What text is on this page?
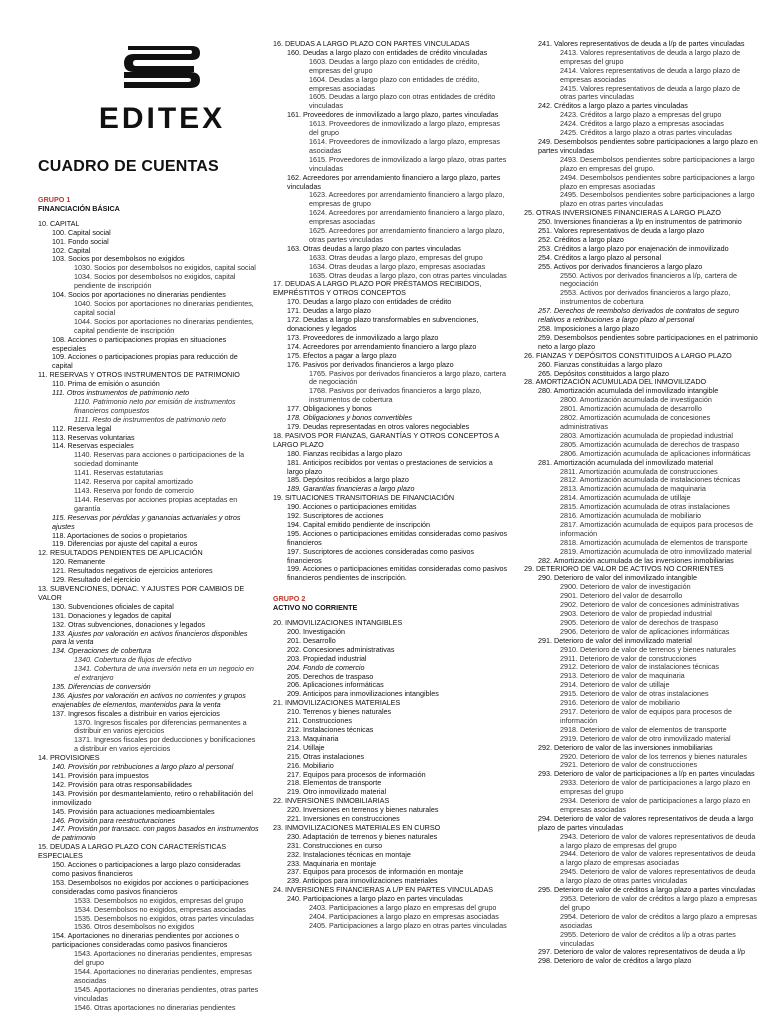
EDITEX
CUADRO DE CUENTAS
GRUPO 1
FINANCIACIÓN BÁSICA
10. CAPITAL
100. Capital social
101. Fondo social
102. Capital
103. Socios por desembolsos no exigidos
1030. Socios por desembolsos no exigidos, capital social
1034. Socios por desembolsos no exigidos, capital pendiente de inscripción
104. Socios por aportaciones no dinerarias pendientes
1040. Socios por aportaciones no dinerarias pendientes, capital social
1044. Socios por aportaciones no dinerarias pendientes, capital pendiente de inscripción
108. Acciones o participaciones propias en situaciones especiales
109. Acciones o participaciones propias para reducción de capital
11. RESERVAS Y OTROS INSTRUMENTOS DE PATRIMONIO
110. Prima de emisión o asunción
111. Otros instrumentos de patrimonio neto
1110. Patrimonio neto por emisión de instrumentos financieros compuestos
1111. Resto de instrumentos de patrimonio neto
112. Reserva legal
113. Reservas voluntarias
114. Reservas especiales
1140. Reservas para acciones o participaciones de la sociedad dominante
1141. Reservas estatutarias
1142. Reserva por capital amortizado
1143. Reserva por fondo de comercio
1144. Reservas por acciones propias aceptadas en garantía
115. Reservas por pérdidas y ganancias actuariales y otros ajustes
118. Aportaciones de socios o propietarios
119. Diferencias por ajuste del capital a euros
12. RESULTADOS PENDIENTES DE APLICACIÓN
120. Remanente
121. Resultados negativos de ejercicios anteriores
129. Resultado del ejercicio
13. SUBVENCIONES, DONAC. Y AJUSTES POR CAMBIOS DE VALOR
130. Subvenciones oficiales de capital
131. Donaciones y legados de capital
132. Otras subvenciones, donaciones y legados
133. Ajustes por valoración en activos financieros disponibles para la venta
134. Operaciones de cobertura
1340. Cobertura de flujos de efectivo
1341. Cobertura de una inversión neta en un negocio en el extranjero
135. Diferencias de conversión
136. Ajustes por valoración en activos no corrientes y grupos enajenables de elementos, mantenidos para la venta
137. Ingresos fiscales a distribuir en varios ejercicios
1370. Ingresos fiscales por diferencias permanentes a distribuir en varios ejercicios
1371. Ingresos fiscales por deducciones y bonificaciones a distribuir en varios ejercicios
14. PROVISIONES
140. Provisión por retribuciones a largo plazo al personal
141. Provisión para impuestos
142. Provisión para otras responsabilidades
143. Provisión por desmantelamiento, retiro o rehabilitación del inmovilizado
145. Provisión para actuaciones medioambientales
146. Provisión para reestructuraciones
147. Provisión por transacc. con pagos basados en instrumentos de patrimonio
15. DEUDAS A LARGO PLAZO CON CARACTERÍSTICAS ESPECIALES
150. Acciones o participaciones a largo plazo consideradas como pasivos financieros
153. Desembolsos no exigidos por acciones o participaciones consideradas como pasivos financieros
1533. Desembolsos no exigidos, empresas del grupo
1534. Desembolsos no exigidos, empresas asociadas
1535. Desembolsos no exigidos, otras partes vinculadas
1536. Otros desembolsos no exigidos
154. Aportaciones no dinerarias pendientes por acciones o participaciones consideradas como pasivos financieros
1543. Aportaciones no dinerarias pendientes, empresas del grupo
1544. Aportaciones no dinerarias pendientes, empresas asociadas
1545. Aportaciones no dinerarias pendientes, otras partes vinculadas
1546. Otras aportaciones no dinerarias pendientes
16. DEUDAS A LARGO PLAZO CON PARTES VINCULADAS
160. Deudas a largo plazo con entidades de crédito vinculadas
1603. Deudas a largo plazo con entidades de crédito, empresas del grupo
1604. Deudas a largo plazo con entidades de crédito, empresas asociadas
1605. Deudas a largo plazo con otras entidades de crédito vinculadas
161. Proveedores de inmovilizado a largo plazo, partes vinculadas
1613. Proveedores de inmovilizado a largo plazo, empresas del grupo
1614. Proveedores de inmovilizado a largo plazo, empresas asociadas
1615. Proveedores de inmovilizado a largo plazo, otras partes vinculadas
162. Acreedores por arrendamiento financiero a largo plazo, partes vinculadas
1623. Acreedores por arrendamiento financiero a largo plazo, empresas de grupo
1624. Acreedores por arrendamiento financiero a largo plazo, empresas asociadas
1625. Acreedores por arrendamiento financiero a largo plazo, otras partes vinculadas
163. Otras deudas a largo plazo con partes vinculadas
1633. Otras deudas a largo plazo, empresas del grupo
1634. Otras deudas a largo plazo, empresas asociadas
1635. Otras deudas a largo plazo, con otras partes vinculadas
17. DEUDAS A LARGO PLAZO POR PRÉSTAMOS RECIBIDOS, EMPRÉSTITOS Y OTROS CONCEPTOS
170. Deudas a largo plazo con entidades de crédito
171. Deudas a largo plazo
172. Deudas a largo plazo transformables en subvenciones, donaciones y legados
173. Proveedores de inmovilizado a largo plazo
174. Acreedores por arrendamiento financiero a largo plazo
175. Efectos a pagar a largo plazo
176. Pasivos por derivados financieros a largo plazo
1765. Pasivos por derivados financieros a largo plazo, cartera de negociación
1768. Pasivos por derivados financieros a largo plazo, instrumentos de cobertura
177. Obligaciones y bonos
178. Obligaciones y bonos convertibles
179. Deudas representadas en otros valores negociables
18. PASIVOS POR FIANZAS, GARANTÍAS Y OTROS CONCEPTOS A LARGO PLAZO
180. Fianzas recibidas a largo plazo
181. Anticipos recibidos por ventas o prestaciones de servicios a largo plazo
185. Depósitos recibidos a largo plazo
189. Garantías financieras a largo plazo
19. SITUACIONES TRANSITORIAS DE FINANCIACIÓN
190. Acciones o participaciones emitidas
192. Suscriptores de acciones
194. Capital emitido pendiente de inscripción
195. Acciones o participaciones emitidas consideradas como pasivos financieros
197. Suscriptores de acciones consideradas como pasivos financieros
199. Acciones o participaciones emitidas consideradas como pasivos financieros pendientes de inscripción.
GRUPO 2
ACTIVO NO CORRIENTE
20. INMOVILIZACIONES INTANGIBLES
200. Investigación
201. Desarrollo
202. Concesiones administrativas
203. Propiedad industrial
204. Fondo de comercio
205. Derechos de traspaso
206. Aplicaciones informáticas
209. Anticipos para inmovilizaciones intangibles
21. INMOVILIZACIONES MATERIALES
210. Terrenos y bienes naturales
211. Construcciones
212. Instalaciones técnicas
213. Maquinaria
214. Utillaje
215. Otras instalaciones
216. Mobiliario
217. Equipos para procesos de información
218. Elementos de transporte
219. Otro inmovilizado material
22. INVERSIONES INMOBILIARIAS
220. Inversiones en terrenos y bienes naturales
221. Inversiones en construcciones
23. INMOVILIZACIONES MATERIALES EN CURSO
230. Adaptación de terrenos y bienes naturales
231. Construcciones en curso
232. Instalaciones técnicas en montaje
233. Maquinaria en montaje
237. Equipos para procesos de información en montaje
239. Anticipos para inmovilizaciones materiales
24. INVERSIONES FINANCIERAS A L/P EN PARTES VINCULADAS
240. Participaciones a largo plazo en partes vinculadas
2403. Participaciones a largo plazo en empresas del grupo
2404. Participaciones a largo plazo en empresas asociadas
2405. Participaciones a largo plazo en otras partes vinculadas
241. Valores representativos de deuda a l/p de partes vinculadas
2413. Valores representativos de deuda a largo plazo de empresas del grupo
2414. Valores representativos de deuda a largo plazo de empresas asociadas
2415. Valores representativos de deuda a largo plazo de otras partes vinculadas
242. Créditos a largo plazo a partes vinculadas
2423. Créditos a largo plazo a empresas del grupo
2424. Créditos a largo plazo a empresas asociadas
2425. Créditos a largo plazo a otras partes vinculadas
249. Desembolsos pendientes sobre participaciones a largo plazo en partes vinculadas
2493. Desembolsos pendientes sobre participaciones a largo plazo en empresas del grupo.
2494. Desembolsos pendientes sobre participaciones a largo plazo en empresas asociadas
2495. Desembolsos pendientes sobre participaciones a largo plazo en otras partes vinculadas
25. OTRAS INVERSIONES FINANCIERAS A LARGO PLAZO
250. Inversiones financieras a l/p en instrumentos de patrimonio
251. Valores representativos de deuda a largo plazo
252. Créditos a largo plazo
253. Créditos a largo plazo por enajenación de inmovilizado
254. Créditos a largo plazo al personal
255. Activos por derivados financieros a largo plazo
2550. Activos por derivados financieros a l/p, cartera de negociación
2553. Activos por derivados financieros a largo plazo, instrumentos de cobertura
257. Derechos de reembolso derivados de contratos de seguro relativos a retribuciones a largo plazo al personal
258. Imposiciones a largo plazo
259. Desembolsos pendientes sobre participaciones en el patrimonio neto a largo plazo
26. FIANZAS Y DEPÓSITOS CONSTITUIDOS A LARGO PLAZO
260. Fianzas constituidas a largo plazo
265. Depósitos constituidos a largo plazo
28. AMORTIZACIÓN ACUMULADA DEL INMOVILIZADO
280. Amortización acumulada del inmovilizado intangible
2800. Amortización acumulada de investigación
2801. Amortización acumulada de desarrollo
2802. Amortización acumulada de concesiones administrativas
2803. Amortización acumulada de propiedad industrial
2805. Amortización acumulada de derechos de traspaso
2806. Amortización acumulada de aplicaciones informáticas
281. Amortización acumulada del inmovilizado material
2811. Amortización acumulada de construcciones
2812. Amortización acumulada de instalaciones técnicas
2813. Amortización acumulada de maquinaria
2814. Amortización acumulada de utillaje
2815. Amortización acumulada de otras instalaciones
2816. Amortización acumulada de mobiliario
2817. Amortización acumulada de equipos para procesos de información
2818. Amortización acumulada de elementos de transporte
2819. Amortización acumulada de otro inmovilizado material
282. Amortización acumulada de las inversiones inmobiliarias
29. DETERIORO DE VALOR DE ACTIVOS NO CORRIENTES
290. Deterioro de valor del inmovilizado intangible
2900. Deterioro de valor de investigación
2901. Deterioro del valor de desarrollo
2902. Deterioro de valor de concesiones administrativas
2903. Deterioro de valor de propiedad industrial
2905. Deterioro de valor de derechos de traspaso
2906. Deterioro de valor de aplicaciones informáticas
291. Deterioro de valor del inmovilizado material
2910. Deterioro de valor de terrenos y bienes naturales
2911. Deterioro de valor de construcciones
2912. Deterioro de valor de instalaciones técnicas
2913. Deterioro de valor de maquinaria
2914. Deterioro de valor de utillaje
2915. Deterioro de valor de otras instalaciones
2916. Deterioro de valor de mobiliario
2917. Deterioro de valor de equipos para procesos de información
2918. Deterioro de valor de elementos de transporte
2919. Deterioro de valor de otro inmovilizado material
292. Deterioro de valor de las inversiones inmobiliarias
2920. Deterioro de valor de los terrenos y bienes naturales
2921. Deterioro de valor de construcciones
293. Deterioro de valor de participaciones a l/p en partes vinculadas
2933. Deterioro de valor de participaciones a largo plazo en empresas del grupo
2934. Deterioro de valor de participaciones a largo plazo en empresas asociadas
294. Deterioro de valor de valores representativos de deuda a largo plazo de partes vinculadas
2943. Deterioro de valor de valores representativos de deuda a largo plazo de empresas del grupo
2944. Deterioro de valor de valores representativos de deuda a largo plazo de empresas asociadas
2945. Deterioro de valor de valores representativos de deuda a largo plazo de otras partes vinculadas
295. Deterioro de valor de créditos a largo plazo a partes vinculadas
2953. Deterioro de valor de créditos a largo plazo a empresas del grupo
2954. Deterioro de valor de créditos a largo plazo a empresas asociadas
2955. Deterioro de valor de créditos a l/p a otras partes vinculadas
297. Deterioro de valor de valores representativos de deuda a l/p
298. Deterioro de valor de créditos a largo plazo
